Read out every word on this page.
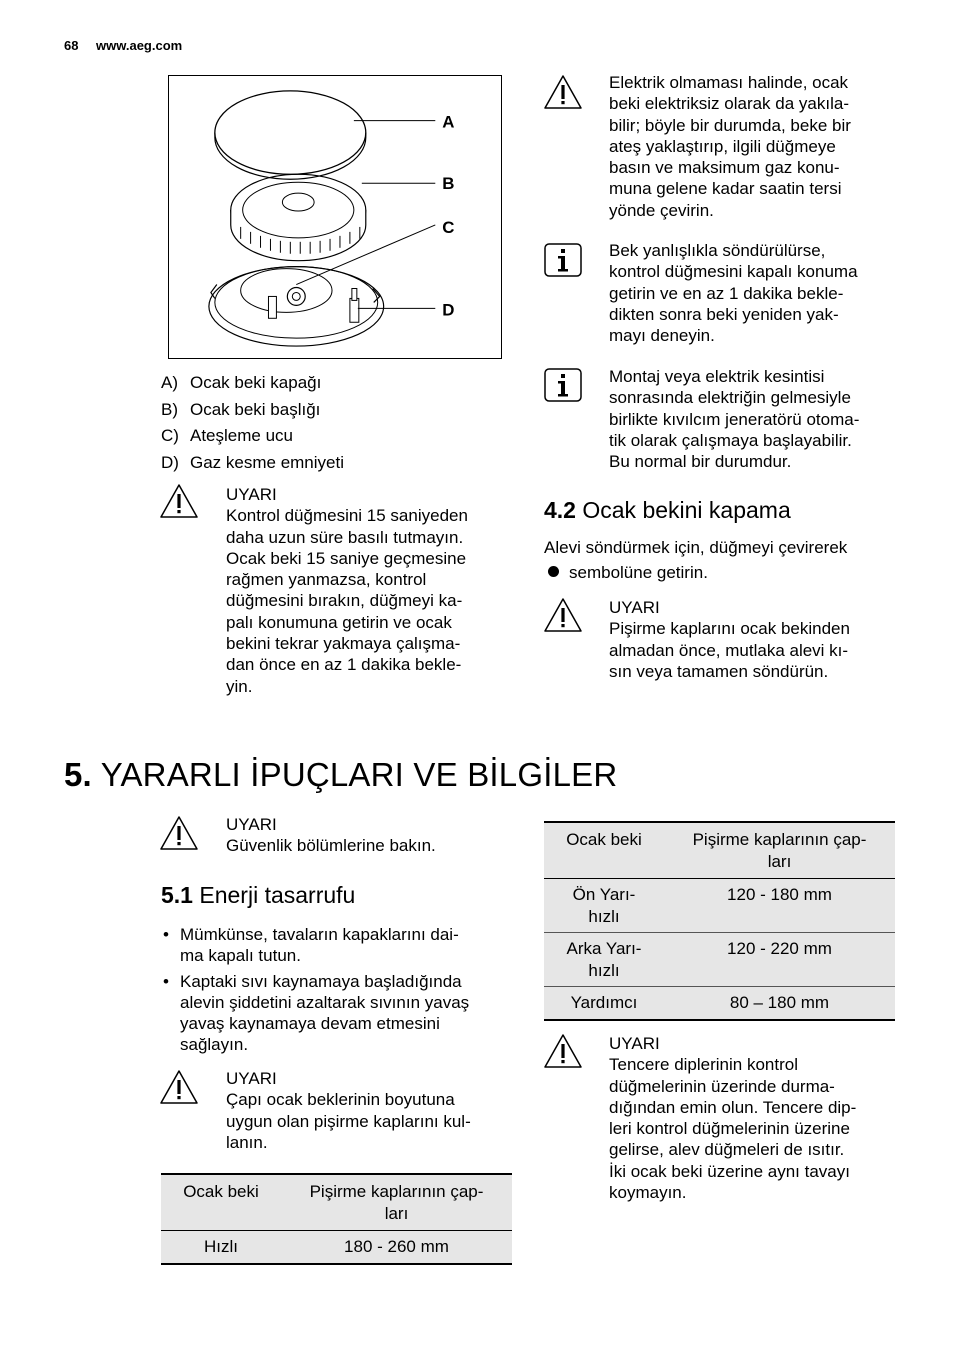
68 www.aeg.com
A
B
C
D
A) Ocak beki kapağı
B) Ocak beki başlığı
C) Ateşleme ucu
D) Gaz kesme emniyeti
UYARI
Kontrol düğmesini 15 saniyeden
daha uzun süre basılı tutmayın.
Ocak beki 15 saniye geçmesine
rağmen yanmazsa, kontrol
düğmesini bırakın, düğmeyi ka-
palı konumuna getirin ve ocak
bekini tekrar yakmaya çalışma-
dan önce en az 1 dakika bekle-
yin.
Elektrik olmaması halinde, ocak
beki elektriksiz olarak da yakıla-
bilir; böyle bir durumda, beke bir
ateş yaklaştırıp, ilgili düğmeye
basın ve maksimum gaz konu-
muna gelene kadar saatin tersi
yönde çevirin.
Bek yanlışlıkla söndürülürse,
kontrol düğmesini kapalı konuma
getirin ve en az 1 dakika bekle-
dikten sonra beki yeniden yak-
mayı deneyin.
Montaj veya elektrik kesintisi
sonrasında elektriğin gelmesiyle
birlikte kıvılcım jeneratörü otoma-
tik olarak çalışmaya başlayabilir.
Bu normal bir durumdur.
4.2 Ocak bekini kapama
Alevi söndürmek için, düğmeyi çevirerek
sembolüne getirin.
UYARI
Pişirme kaplarını ocak bekinden
almadan önce, mutlaka alevi kı-
sın veya tamamen söndürün.
5. YARARLI İPUÇLARI VE BİLGİLER
UYARI
Güvenlik bölümlerine bakın.
5.1 Enerji tasarrufu
• Mümkünse, tavaların kapaklarını dai-
ma kapalı tutun.
• Kaptaki sıvı kaynamaya başladığında
alevin şiddetini azaltarak sıvının yavaş
yavaş kaynamaya devam etmesini
sağlayın.
UYARI
Çapı ocak beklerinin boyutuna
uygun olan pişirme kaplarını kul-
lanın.
Ocak beki	Pişirme kaplarının çap-
ları
Hızlı	180 - 260 mm
Ocak beki	Pişirme kaplarının çap-
ları
Ön Yarı-
hızlı	120 - 180 mm
Arka Yarı-
hızlı	120 - 220 mm
Yardımcı	80 – 180 mm
UYARI
Tencere diplerinin kontrol
düğmelerinin üzerinde durma-
dığından emin olun. Tencere dip-
leri kontrol düğmelerinin üzerine
gelirse, alev düğmeleri de ısıtır.
İki ocak beki üzerine aynı tavayı
koymayın.
